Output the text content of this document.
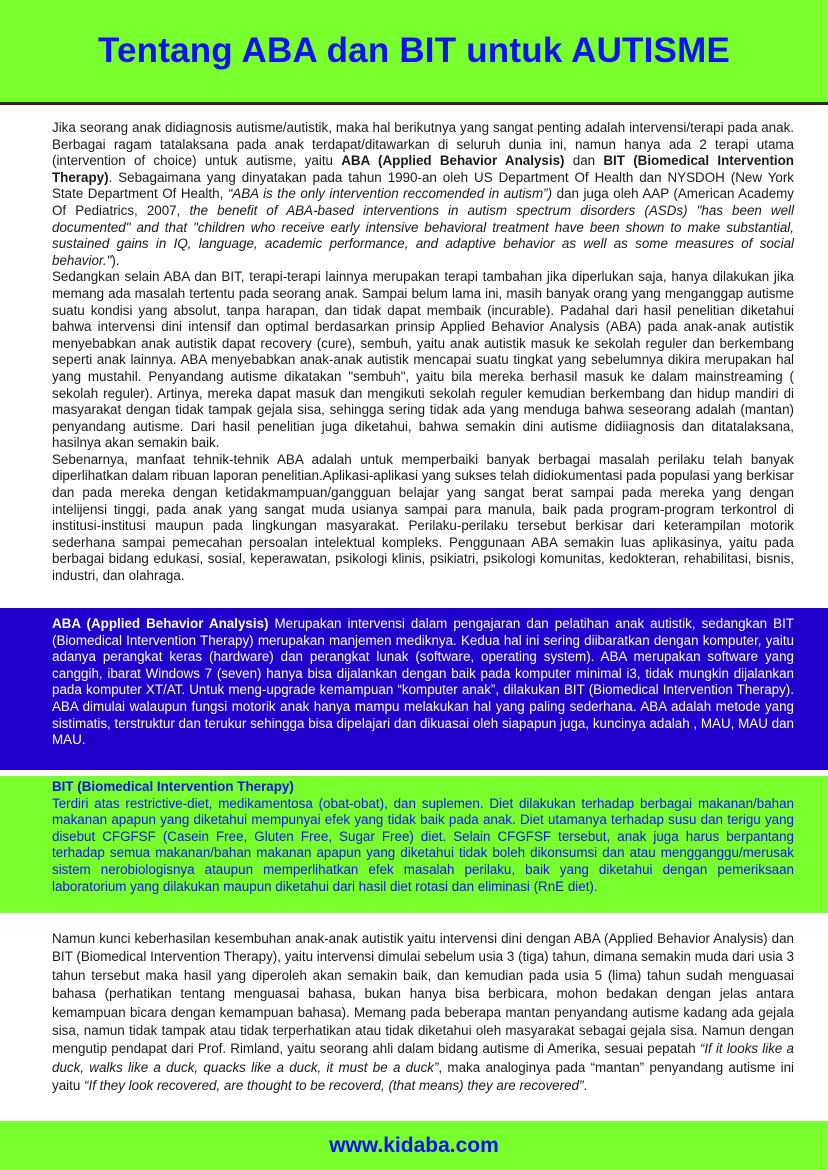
Tentang ABA dan BIT untuk AUTISME

Jika seorang anak didiagnosis autisme/autistik, maka hal berikutnya yang sangat penting adalah intervensi/terapi pada anak. Berbagai ragam tatalaksana pada anak terdapat/ditawarkan di seluruh dunia ini, namun hanya ada 2 terapi utama (intervention of choice) untuk autisme, yaitu ABA (Applied Behavior Analysis) dan BIT (Biomedical Intervention Therapy). Sebagaimana yang dinyatakan pada tahun 1990-an oleh US Department Of Health dan NYSDOH (New York State Department Of Health, “ABA is the only intervention reccomended in autism”) dan juga oleh AAP (American Academy Of Pediatrics, 2007, the benefit of ABA-based interventions in autism spectrum disorders (ASDs) "has been well documented" and that "children who receive early intensive behavioral treatment have been shown to make substantial, sustained gains in IQ, language, academic performance, and adaptive behavior as well as some measures of social behavior.").

Sedangkan selain ABA dan BIT, terapi-terapi lainnya merupakan terapi tambahan jika diperlukan saja, hanya dilakukan jika memang ada masalah tertentu pada seorang anak. Sampai belum lama ini, masih banyak orang yang menganggap autisme suatu kondisi yang absolut, tanpa harapan, dan tidak dapat membaik (incurable). Padahal dari hasil penelitian diketahui bahwa intervensi dini intensif dan optimal berdasarkan prinsip Applied Behavior Analysis (ABA) pada anak-anak autistik menyebabkan anak autistik dapat recovery (cure), sembuh, yaitu anak autistik masuk ke sekolah reguler dan berkembang seperti anak lainnya. ABA menyebabkan anak-anak autistik mencapai suatu tingkat yang sebelumnya dikira merupakan hal yang mustahil. Penyandang autisme dikatakan "sembuh", yaitu bila mereka berhasil masuk ke dalam mainstreaming ( sekolah reguler). Artinya, mereka dapat masuk dan mengikuti sekolah reguler kemudian berkembang dan hidup mandiri di masyarakat dengan tidak tampak gejala sisa, sehingga sering tidak ada yang menduga bahwa seseorang adalah (mantan) penyandang autisme. Dari hasil penelitian juga diketahui, bahwa semakin dini autisme didiiagnosis dan ditatalaksana, hasilnya akan semakin baik.

Sebenarnya, manfaat tehnik-tehnik ABA adalah untuk memperbaiki banyak berbagai masalah perilaku telah banyak diperlihatkan dalam ribuan laporan penelitian.Aplikasi-aplikasi yang sukses telah didiokumentasi pada populasi yang berkisar dan pada mereka dengan ketidakmampuan/gangguan belajar yang sangat berat sampai pada mereka yang dengan intelijensi tinggi, pada anak yang sangat muda usianya sampai para manula, baik pada program-program terkontrol di institusi-institusi maupun pada lingkungan masyarakat. Perilaku-perilaku tersebut berkisar dari keterampilan motorik sederhana sampai pemecahan persoalan intelektual kompleks. Penggunaan ABA semakin luas aplikasinya, yaitu pada berbagai bidang edukasi, sosial, keperawatan, psikologi klinis, psikiatri, psikologi komunitas, kedokteran, rehabilitasi, bisnis, industri, dan olahraga.

ABA (Applied Behavior Analysis) Merupakan intervensi dalam pengajaran dan pelatihan anak autistik, sedangkan BIT (Biomedical Intervention Therapy) merupakan manjemen mediknya. Kedua hal ini sering diibaratkan dengan komputer, yaitu adanya perangkat keras (hardware) dan perangkat lunak (software, operating system). ABA merupakan software yang canggih, ibarat Windows 7 (seven) hanya bisa dijalankan dengan baik pada komputer minimal i3, tidak mungkin dijalankan pada komputer XT/AT. Untuk meng-upgrade kemampuan “komputer anak”, dilakukan BIT (Biomedical Intervention Therapy). ABA dimulai walaupun fungsi motorik anak hanya mampu melakukan hal yang paling sederhana. ABA adalah metode yang sistimatis, terstruktur dan terukur sehingga bisa dipelajari dan dikuasai oleh siapapun juga, kuncinya adalah , MAU, MAU dan MAU.

BIT (Biomedical Intervention Therapy)

Terdiri atas restrictive-diet, medikamentosa (obat-obat), dan suplemen. Diet dilakukan terhadap berbagai makanan/bahan makanan apapun yang diketahui mempunyai efek yang tidak baik pada anak. Diet utamanya terhadap susu dan terigu yang disebut CFGFSF (Casein Free, Gluten Free, Sugar Free) diet. Selain CFGFSF tersebut, anak juga harus berpantang terhadap semua makanan/bahan makanan apapun yang diketahui tidak boleh dikonsumsi dan atau mengganggu/merusak sistem nerobiologisnya ataupun memperlihatkan efek masalah perilaku, baik yang diketahui dengan pemeriksaan laboratorium yang dilakukan maupun diketahui dari hasil diet rotasi dan eliminasi (RnE diet).

Namun kunci keberhasilan kesembuhan anak-anak autistik yaitu intervensi dini dengan ABA (Applied Behavior Analysis) dan BIT (Biomedical Intervention Therapy), yaitu intervensi dimulai sebelum usia 3 (tiga) tahun, dimana semakin muda dari usia 3 tahun tersebut maka hasil yang diperoleh akan semakin baik, dan kemudian pada usia 5 (lima) tahun sudah menguasai bahasa (perhatikan tentang menguasai bahasa, bukan hanya bisa berbicara, mohon bedakan dengan jelas antara kemampuan bicara dengan kemampuan bahasa). Memang pada beberapa mantan penyandang autisme kadang ada gejala sisa, namun tidak tampak atau tidak terperhatikan atau tidak diketahui oleh masyarakat sebagai gejala sisa. Namun dengan mengutip pendapat dari Prof. Rimland, yaitu seorang ahli dalam bidang autisme di Amerika, sesuai pepatah “If it looks like a duck, walks like a duck, quacks like a duck, it must be a duck”, maka analoginya pada “mantan” penyandang autisme ini yaitu “If they look recovered, are thought to be recoverd, (that means) they are recovered”.

www.kidaba.com
